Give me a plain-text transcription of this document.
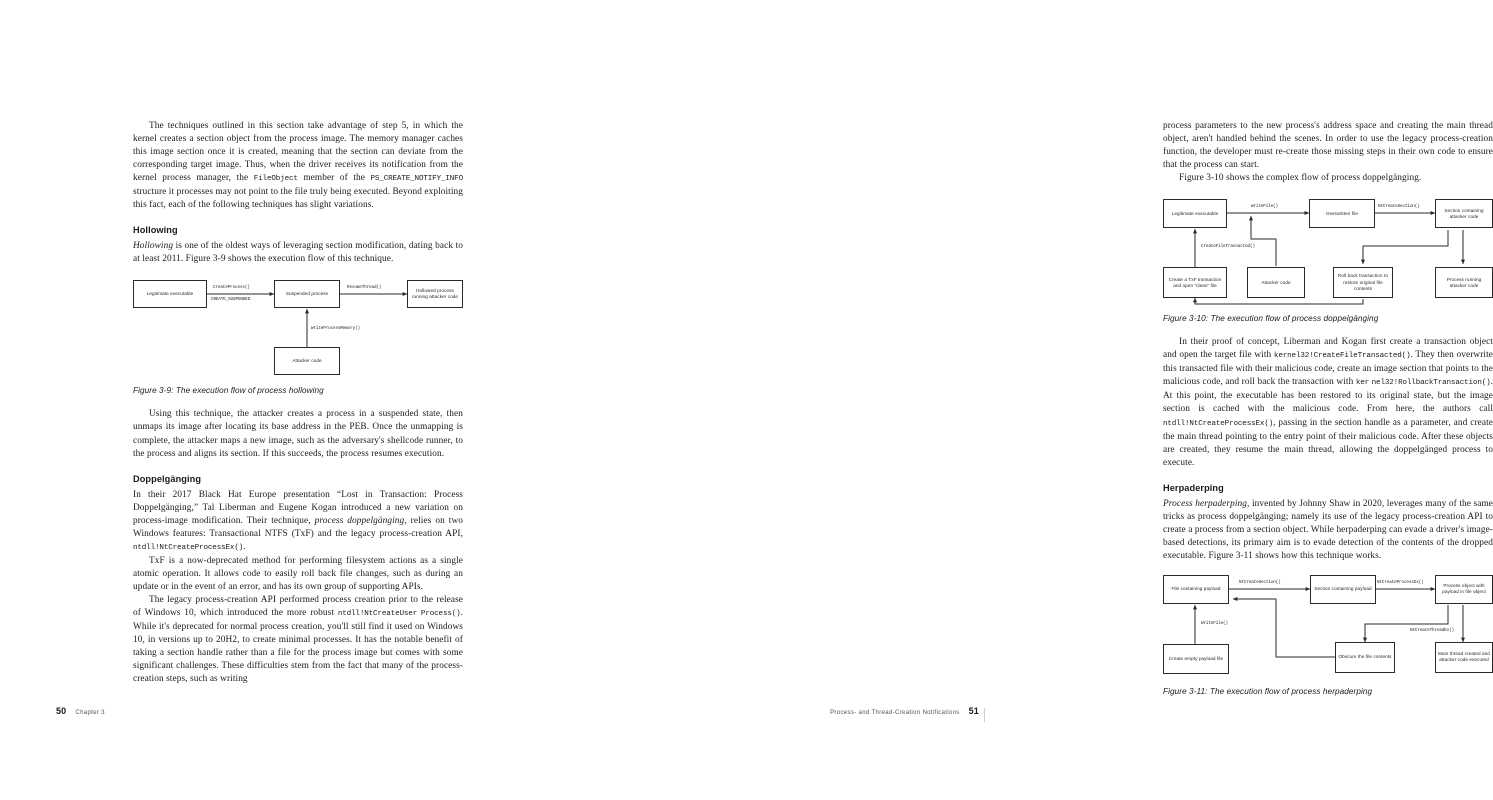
The techniques outlined in this section take advantage of step 5, in which the kernel creates a section object from the process image. The memory manager caches this image section once it is created, meaning that the section can deviate from the corresponding target image. Thus, when the driver receives its notification from the kernel process manager, the FileObject member of the PS_CREATE_NOTIFY_INFO structure it processes may not point to the file truly being executed. Beyond exploiting this fact, each of the following techniques has slight variations.

Hollowing

Hollowing is one of the oldest ways of leveraging section modification, dating back to at least 2011. Figure 3-9 shows the execution flow of this technique.

Legitimate executable	Suspended process
Hollowed process running attacker code
Attacker code
CreateProcess()
CREATE_SUSPENDED
ResumeThread()
WriteProcessMemory()
Figure 3-9: The execution flow of process hollowing

Using this technique, the attacker creates a process in a suspended state, then unmaps its image after locating its base address in the PEB. Once the unmapping is complete, the attacker maps a new image, such as the adversary's shellcode runner, to the process and aligns its section. If this succeeds, the process resumes execution.

Doppelgänging

In their 2017 Black Hat Europe presentation “Lost in Transaction: Process Doppelgänging,” Tal Liberman and Eugene Kogan introduced a new variation on process-image modification. Their technique, process doppelgänging, relies on two Windows features: Transactional NTFS (TxF) and the legacy process-creation API, ntdll!NtCreateProcessEx().

TxF is a now-deprecated method for performing filesystem actions as a single atomic operation. It allows code to easily roll back file changes, such as during an update or in the event of an error, and has its own group of supporting APIs.

The legacy process-creation API performed process creation prior to the release of Windows 10, which introduced the more robust ntdll!NtCreateUser Process(). While it's deprecated for normal process creation, you'll still find it used on Windows 10, in versions up to 20H2, to create minimal processes. It has the notable benefit of taking a section handle rather than a file for the process image but comes with some significant challenges. These difficulties stem from the fact that many of the process-creation steps, such as writing

50 Chapter 3

process parameters to the new process's address space and creating the main thread object, aren't handled behind the scenes. In order to use the legacy process-creation function, the developer must re-create those missing steps in their own code to ensure that the process can start.

Figure 3-10 shows the complex flow of process doppelgänging.

Legitimate executable	Overwritten file
Section containing attacker code
Create a TxF transaction and open “clean” file
Attacker code
Roll back transaction to restore original file contents
Process running attacker code
WriteFile()	NtCreateSection()
CreateFileTransacted()
Figure 3-10: The execution flow of process doppelgänging

In their proof of concept, Liberman and Kogan first create a transaction object and open the target file with kernel32!CreateFileTransacted(). They then overwrite this transacted file with their malicious code, create an image section that points to the malicious code, and roll back the transaction with ker nel32!RollbackTransaction(). At this point, the executable has been restored to its original state, but the image section is cached with the malicious code. From here, the authors call ntdll!NtCreateProcessEx(), passing in the section handle as a parameter, and create the main thread pointing to the entry point of their malicious code. After these objects are created, they resume the main thread, allowing the doppelgänged process to execute.

Herpaderping

Process herpaderping, invented by Johnny Shaw in 2020, leverages many of the same tricks as process doppelgänging; namely its use of the legacy process-creation API to create a process from a section object. While herpaderping can evade a driver's image-based detections, its primary aim is to evade detection of the contents of the dropped executable. Figure 3-11 shows how this technique works.

File containing payload	Section containing payload
Process object with payload in file object
Create empty payload file	Obscure the file contents
Main thread created and attacker code executed
NtCreateSection()	NtCreateProcessEx()
WriteFile()
NtCreateThreadEx()
Figure 3-11: The execution flow of process herpaderping
Process- and Thread-Creation Notifications 51
